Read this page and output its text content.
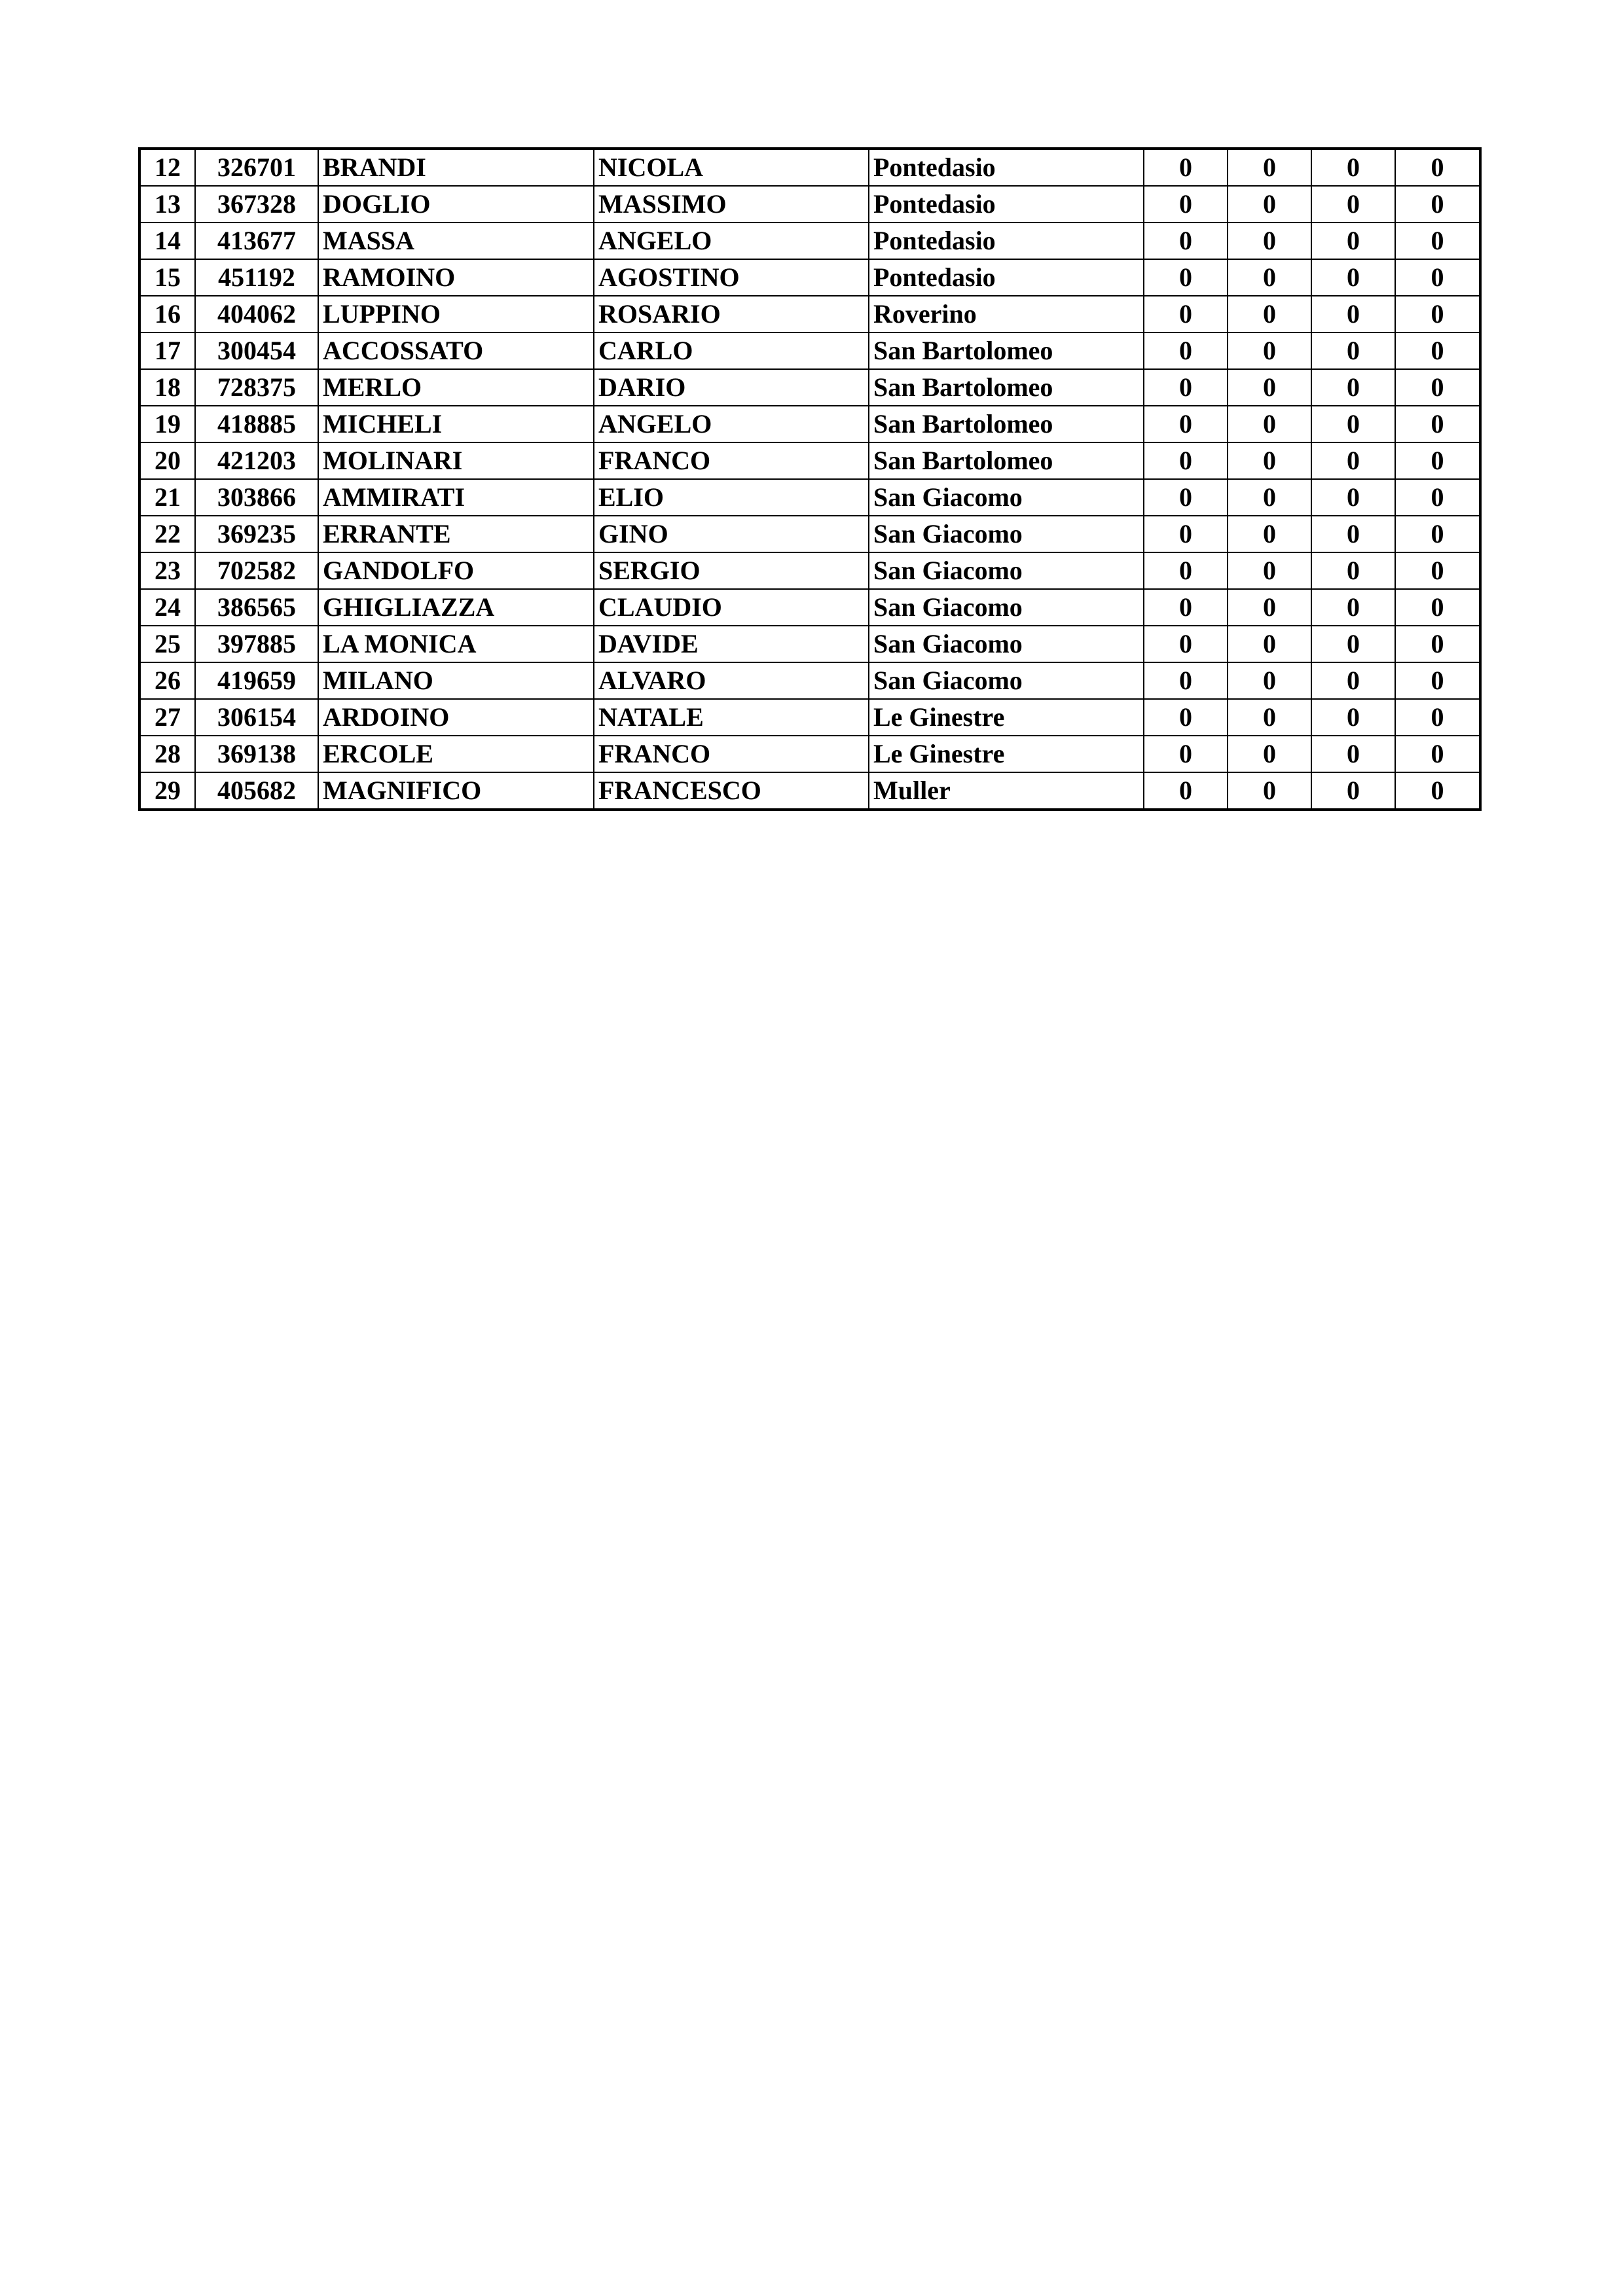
12	326701	BRANDI	NICOLA	Pontedasio	0	0	0	0
13	367328	DOGLIO	MASSIMO	Pontedasio	0	0	0	0
14	413677	MASSA	ANGELO	Pontedasio	0	0	0	0
15	451192	RAMOINO	AGOSTINO	Pontedasio	0	0	0	0
16	404062	LUPPINO	ROSARIO	Roverino	0	0	0	0
17	300454	ACCOSSATO	CARLO	San Bartolomeo	0	0	0	0
18	728375	MERLO	DARIO	San Bartolomeo	0	0	0	0
19	418885	MICHELI	ANGELO	San Bartolomeo	0	0	0	0
20	421203	MOLINARI	FRANCO	San Bartolomeo	0	0	0	0
21	303866	AMMIRATI	ELIO	San Giacomo	0	0	0	0
22	369235	ERRANTE	GINO	San Giacomo	0	0	0	0
23	702582	GANDOLFO	SERGIO	San Giacomo	0	0	0	0
24	386565	GHIGLIAZZA	CLAUDIO	San Giacomo	0	0	0	0
25	397885	LA MONICA	DAVIDE	San Giacomo	0	0	0	0
26	419659	MILANO	ALVARO	San Giacomo	0	0	0	0
27	306154	ARDOINO	NATALE	Le Ginestre	0	0	0	0
28	369138	ERCOLE	FRANCO	Le Ginestre	0	0	0	0
29	405682	MAGNIFICO	FRANCESCO	Muller	0	0	0	0
